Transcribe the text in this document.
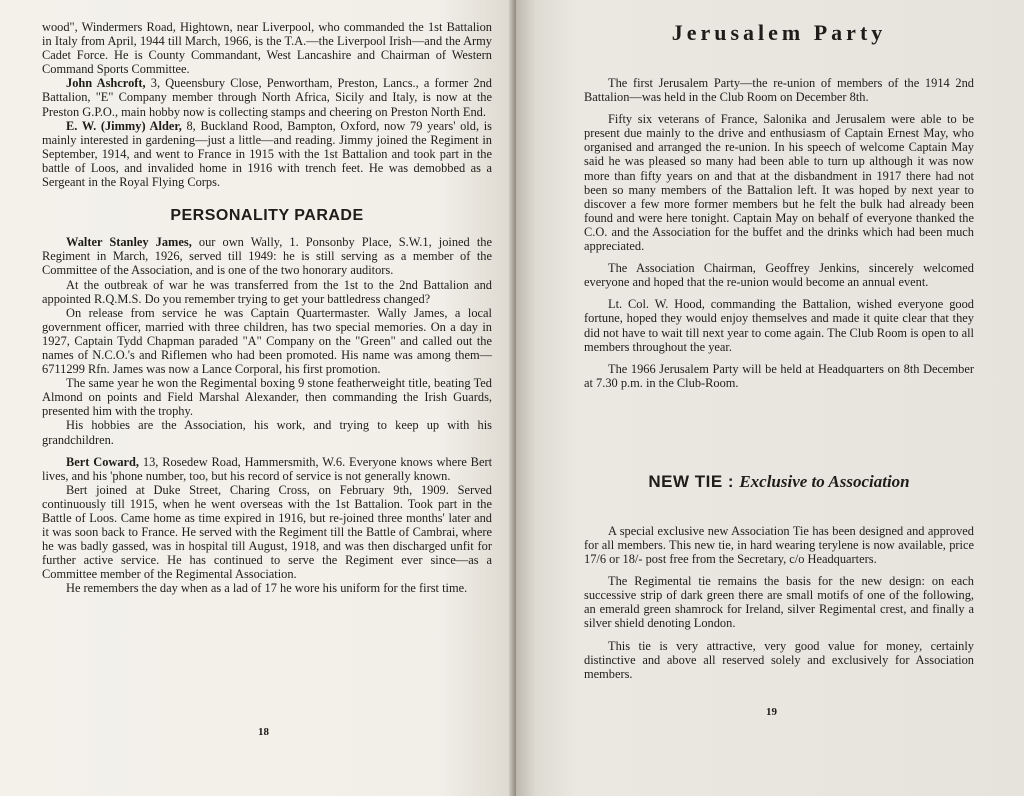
wood", Windermers Road, Hightown, near Liverpool, who commanded the 1st Battalion in Italy from April, 1944 till March, 1966, is the T.A.—the Liverpool Irish—and the Army Cadet Force. He is County Commandant, West Lancashire and Chairman of Western Command Sports Committee.

John Ashcroft, 3, Queensbury Close, Penwortham, Preston, Lancs., a former 2nd Battalion, "E" Company member through North Africa, Sicily and Italy, is now at the Preston G.P.O., main hobby now is collecting stamps and cheering on Preston North End.

E. W. (Jimmy) Alder, 8, Buckland Rood, Bampton, Oxford, now 79 years' old, is mainly interested in gardening—just a little—and reading. Jimmy joined the Regiment in September, 1914, and went to France in 1915 with the 1st Battalion and took part in the battle of Loos, and invalided home in 1916 with trench feet. He was demobbed as a Sergeant in the Royal Flying Corps.

PERSONALITY PARADE

Walter Stanley James, our own Wally, 1. Ponsonby Place, S.W.1, joined the Regiment in March, 1926, served till 1949: he is still serving as a member of the Committee of the Association, and is one of the two honorary auditors.

At the outbreak of war he was transferred from the 1st to the 2nd Battalion and appointed R.Q.M.S. Do you remember trying to get your battledress changed?

On release from service he was Captain Quartermaster. Wally James, a local government officer, married with three children, has two special memories. On a day in 1927, Captain Tydd Chapman paraded "A" Company on the "Green" and called out the names of N.C.O.'s and Riflemen who had been promoted. His name was among them—6711299 Rfn. James was now a Lance Corporal, his first promotion.

The same year he won the Regimental boxing 9 stone featherweight title, beating Ted Almond on points and Field Marshal Alexander, then commanding the Irish Guards, presented him with the trophy.

His hobbies are the Association, his work, and trying to keep up with his grandchildren.

Bert Coward, 13, Rosedew Road, Hammersmith, W.6. Everyone knows where Bert lives, and his 'phone number, too, but his record of service is not generally known.

Bert joined at Duke Street, Charing Cross, on February 9th, 1909. Served continuously till 1915, when he went overseas with the 1st Battalion. Took part in the Battle of Loos. Came home as time expired in 1916, but re-joined three months' later and it was soon back to France. He served with the Regiment till the Battle of Cambrai, where he was badly gassed, was in hospital till August, 1918, and was then discharged unfit for further active service. He has continued to serve the Regiment ever since—as a Committee member of the Regimental Association.

He remembers the day when as a lad of 17 he wore his uniform for the first time.

18
Jerusalem Party

The first Jerusalem Party—the re-union of members of the 1914 2nd Battalion—was held in the Club Room on December 8th.

Fifty six veterans of France, Salonika and Jerusalem were able to be present due mainly to the drive and enthusiasm of Captain Ernest May, who organised and arranged the re-union. In his speech of welcome Captain May said he was pleased so many had been able to turn up although it was now more than fifty years on and that at the disbandment in 1917 there had not been so many members of the Battalion left. It was hoped by next year to discover a few more former members but he felt the bulk had already been found and were here tonight. Captain May on behalf of everyone thanked the C.O. and the Association for the buffet and the drinks which had been much appreciated.

The Association Chairman, Geoffrey Jenkins, sincerely welcomed everyone and hoped that the re-union would become an annual event.

Lt. Col. W. Hood, commanding the Battalion, wished everyone good fortune, hoped they would enjoy themselves and made it quite clear that they did not have to wait till next year to come again. The Club Room is open to all members throughout the year.

The 1966 Jerusalem Party will be held at Headquarters on 8th December at 7.30 p.m. in the Club-Room.

NEW TIE : Exclusive to Association

A special exclusive new Association Tie has been designed and approved for all members. This new tie, in hard wearing terylene is now available, price 17/6 or 18/- post free from the Secretary, c/o Headquarters.

The Regimental tie remains the basis for the new design: on each successive strip of dark green there are small motifs of one of the following, an emerald green shamrock for Ireland, silver Regimental crest, and finally a silver shield denoting London.

This tie is very attractive, very good value for money, certainly distinctive and above all reserved solely and exclusively for Association members.

19
